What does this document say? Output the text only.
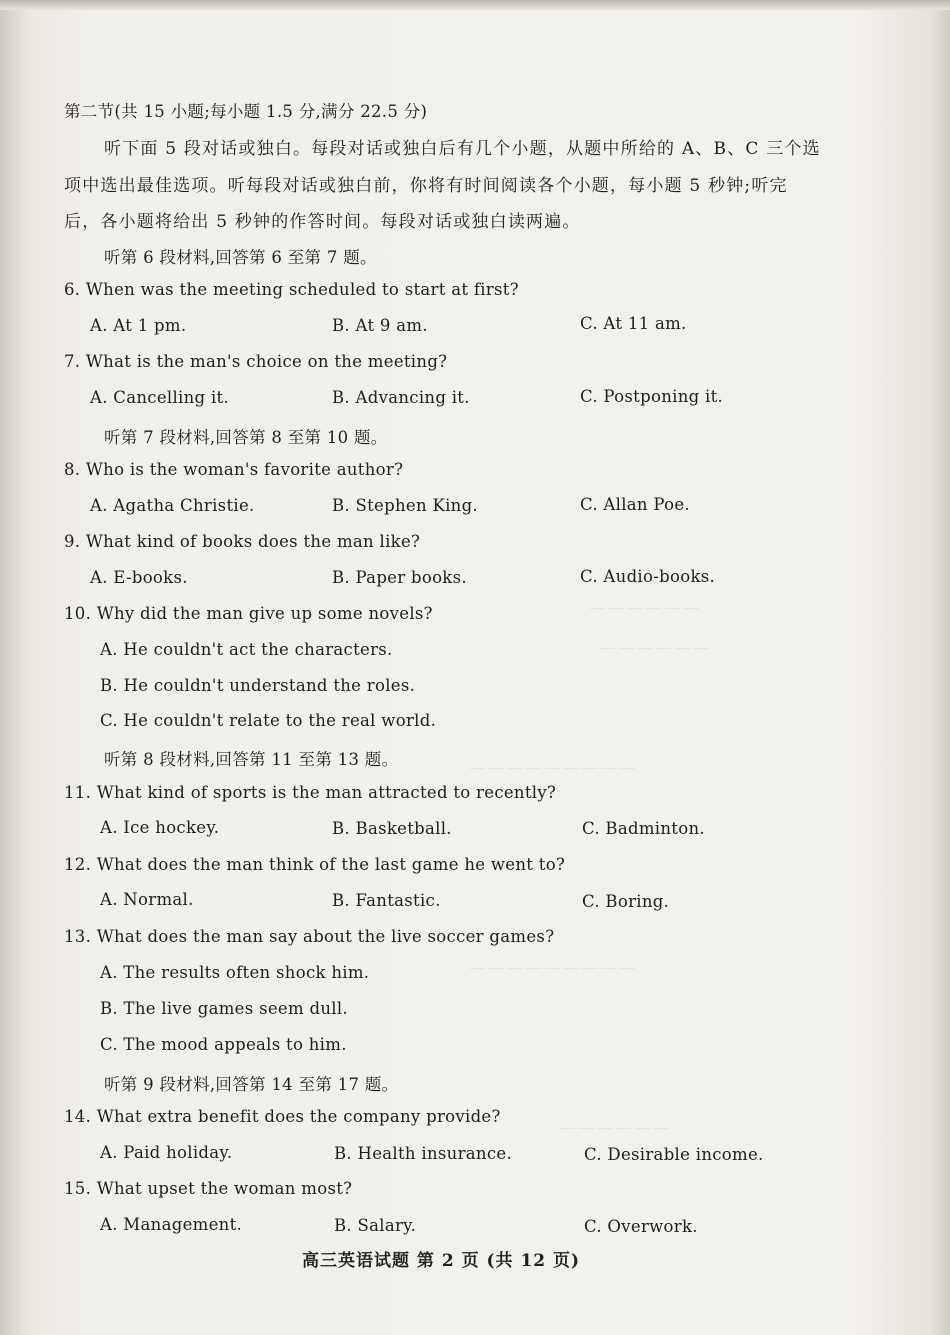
— — — — — —
— — — — — —
— — — — — — — — —
— — — — — — — — —
— — — — — —
第二节(共 15 小题;每小题 1.5 分,满分 22.5 分)
听下面 5 段对话或独白。每段对话或独白后有几个小题，从题中所给的 A、B、C 三个选
项中选出最佳选项。听每段对话或独白前，你将有时间阅读各个小题，每小题 5 秒钟;听完
后，各小题将给出 5 秒钟的作答时间。每段对话或独白读两遍。
听第 6 段材料,回答第 6 至第 7 题。
6. When was the meeting scheduled to start at first?
A. At 1 pm.	B. At 9 am.	C. At 11 am.
7. What is the man's choice on the meeting?
A. Cancelling it.	B. Advancing it.	C. Postponing it.
听第 7 段材料,回答第 8 至第 10 题。
8. Who is the woman's favorite author?
A. Agatha Christie.	B. Stephen King.	C. Allan Poe.
9. What kind of books does the man like?
A. E-books.	B. Paper books.	C. Audio-books.
10. Why did the man give up some novels?
A. He couldn't act the characters.
B. He couldn't understand the roles.
C. He couldn't relate to the real world.
听第 8 段材料,回答第 11 至第 13 题。
11. What kind of sports is the man attracted to recently?
A. Ice hockey.	B. Basketball.	C. Badminton.
12. What does the man think of the last game he went to?
A. Normal.	B. Fantastic.	C. Boring.
13. What does the man say about the live soccer games?
A. The results often shock him.
B. The live games seem dull.
C. The mood appeals to him.
听第 9 段材料,回答第 14 至第 17 题。
14. What extra benefit does the company provide?
A. Paid holiday.	B. Health insurance.	C. Desirable income.
15. What upset the woman most?
A. Management.	B. Salary.	C. Overwork.
高三英语试题 第 2 页 (共 12 页)
